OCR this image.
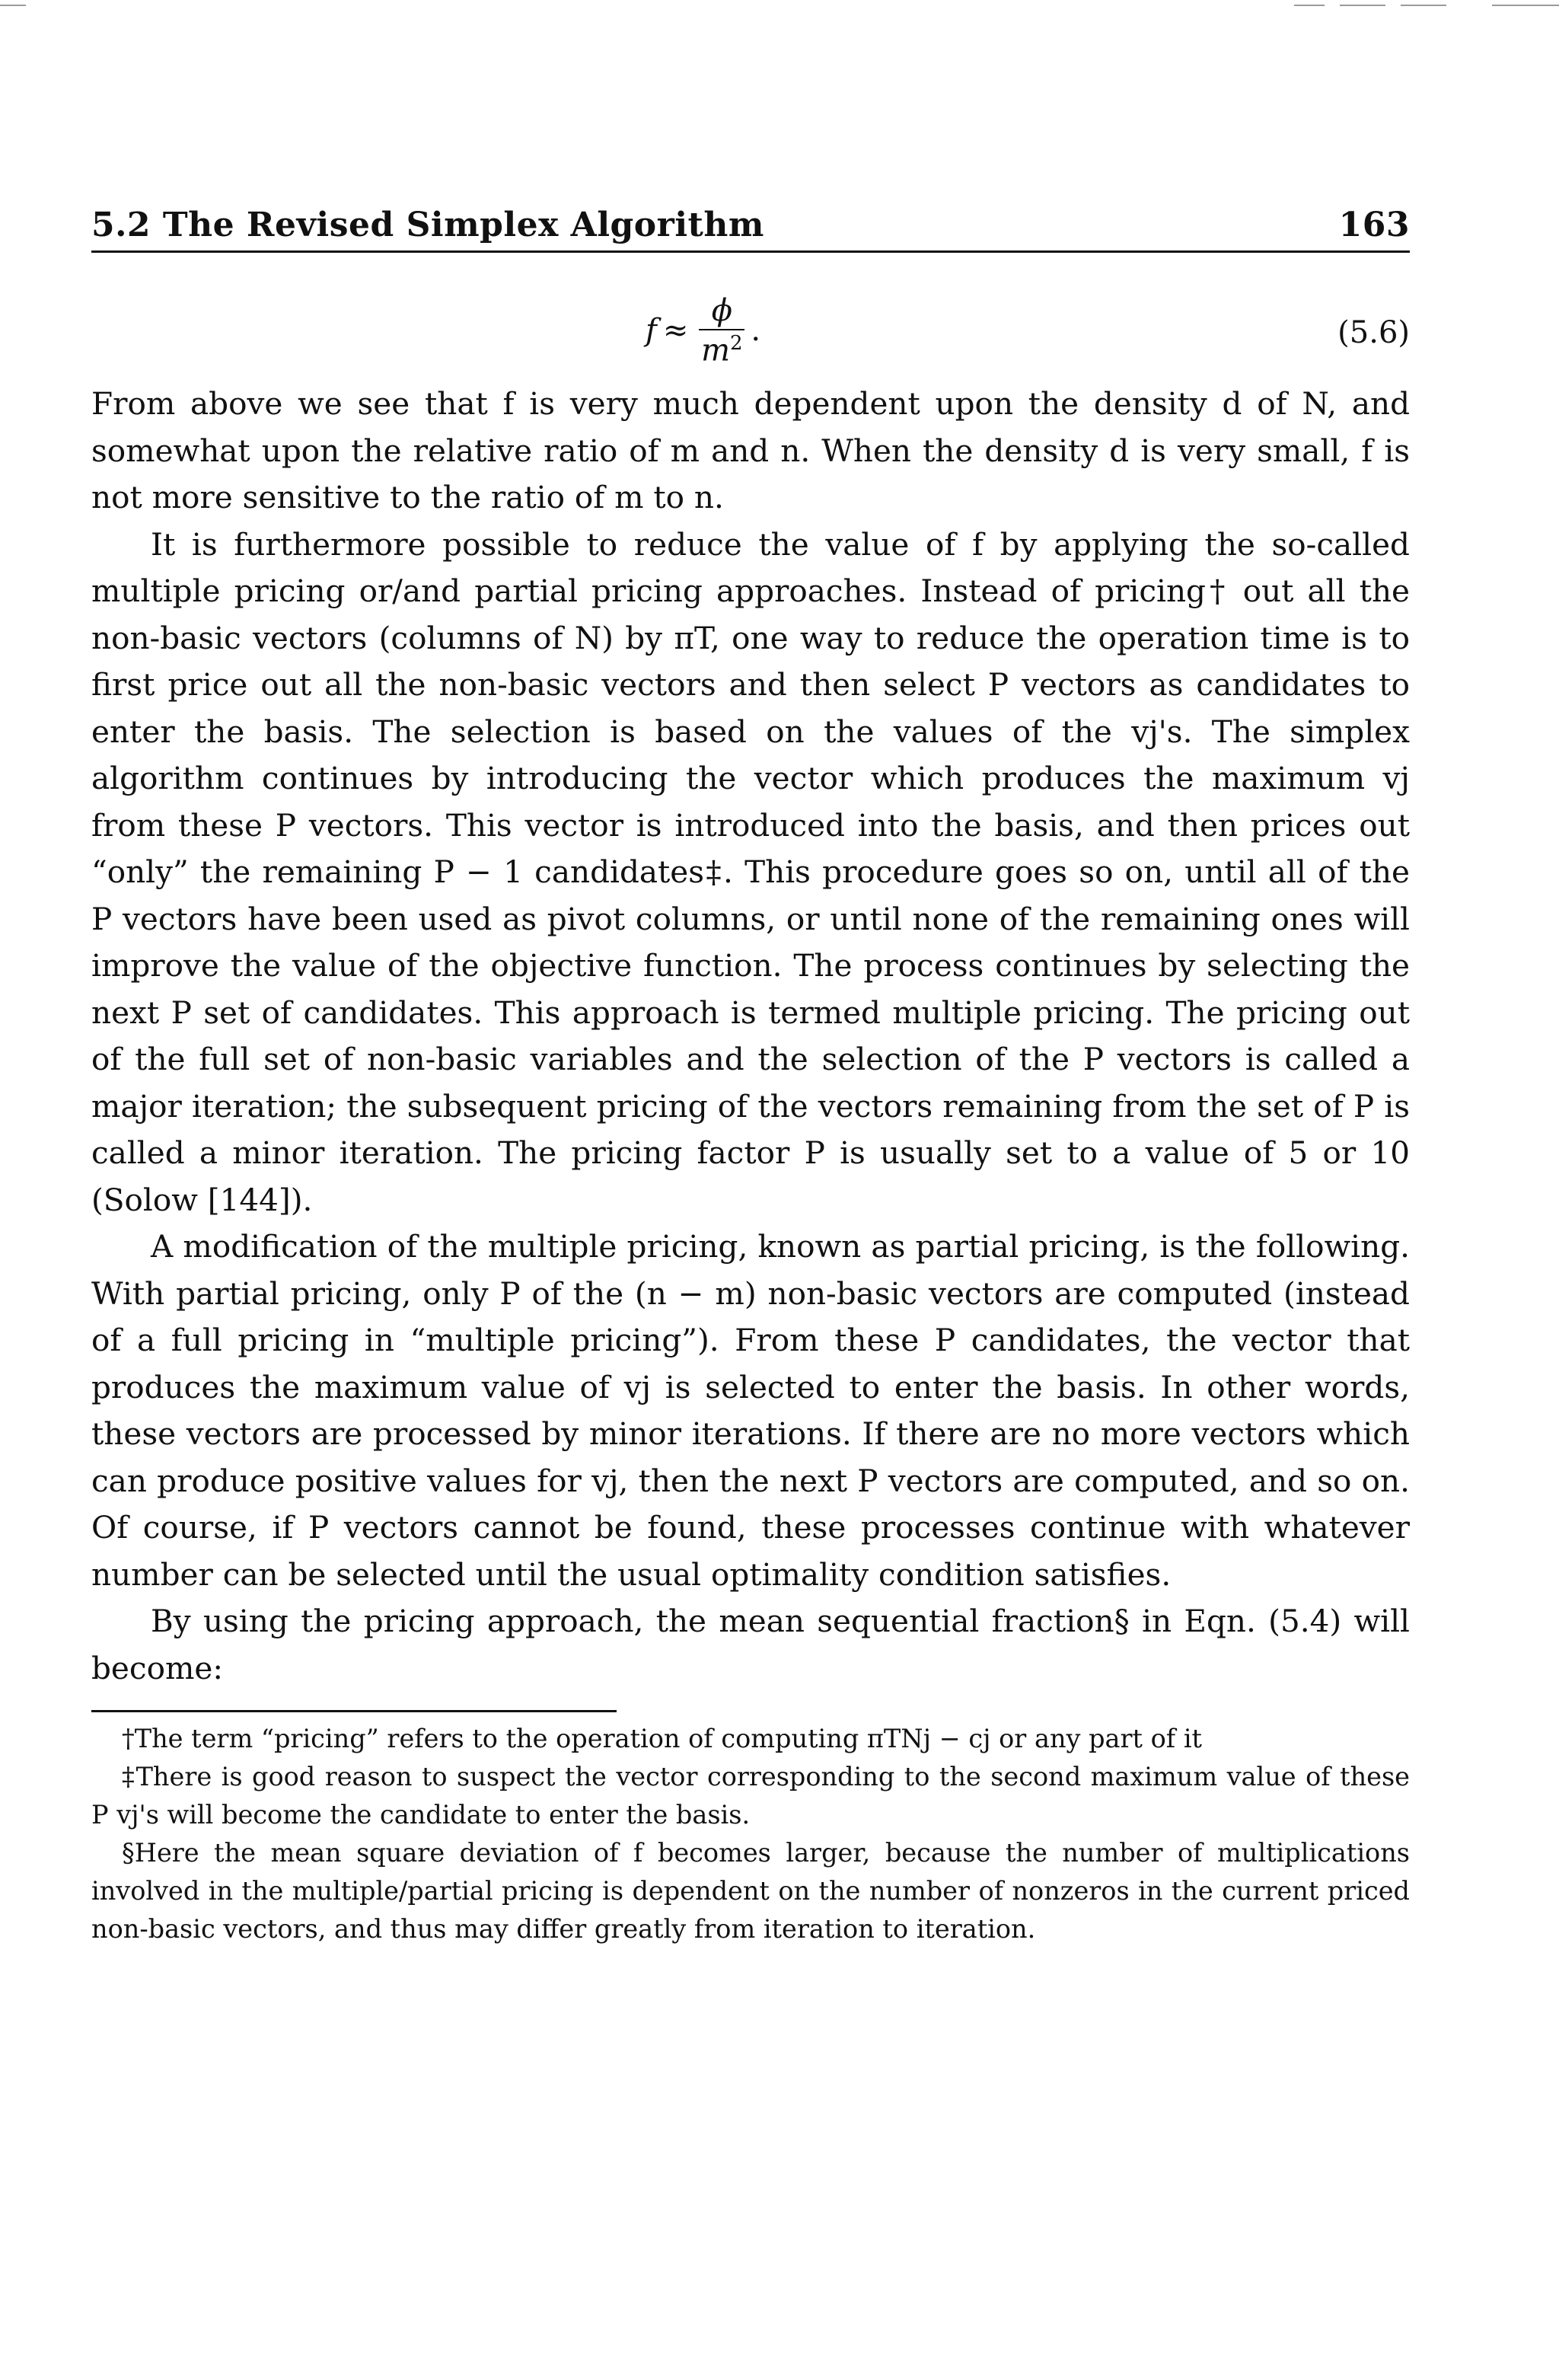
5.2 The Revised Simplex Algorithm	163
$f \approx \frac{\phi}{m^2}$ .	(5.6)

From above we see that f is very much dependent upon the density d of N, and somewhat upon the relative ratio of m and n. When the density d is very small, f is not more sensitive to the ratio of m to n.

It is furthermore possible to reduce the value of f by applying the so-called multiple pricing or/and partial pricing approaches. Instead of pricing† out all the non-basic vectors (columns of N) by πT, one way to reduce the operation time is to first price out all the non-basic vectors and then select P vectors as candidates to enter the basis. The selection is based on the values of the vj's. The simplex algorithm continues by introducing the vector which produces the maximum vj from these P vectors. This vector is introduced into the basis, and then prices out “only” the remaining P − 1 candidates‡. This procedure goes so on, until all of the P vectors have been used as pivot columns, or until none of the remaining ones will improve the value of the objective function. The process continues by selecting the next P set of candidates. This approach is termed multiple pricing. The pricing out of the full set of non-basic variables and the selection of the P vectors is called a major iteration; the subsequent pricing of the vectors remaining from the set of P is called a minor iteration. The pricing factor P is usually set to a value of 5 or 10 (Solow [144]).

A modification of the multiple pricing, known as partial pricing, is the following. With partial pricing, only P of the (n − m) non-basic vectors are computed (instead of a full pricing in “multiple pricing”). From these P candidates, the vector that produces the maximum value of vj is selected to enter the basis. In other words, these vectors are processed by minor iterations. If there are no more vectors which can produce positive values for vj, then the next P vectors are computed, and so on. Of course, if P vectors cannot be found, these processes continue with whatever number can be selected until the usual optimality condition satisfies.

By using the pricing approach, the mean sequential fraction§ in Eqn. (5.4) will become:

†The term “pricing” refers to the operation of computing πTNj − cj or any part of it

‡There is good reason to suspect the vector corresponding to the second maximum value of these P vj's will become the candidate to enter the basis.

§Here the mean square deviation of f becomes larger, because the number of multiplications involved in the multiple/partial pricing is dependent on the number of nonzeros in the current priced non-basic vectors, and thus may differ greatly from iteration to iteration.
